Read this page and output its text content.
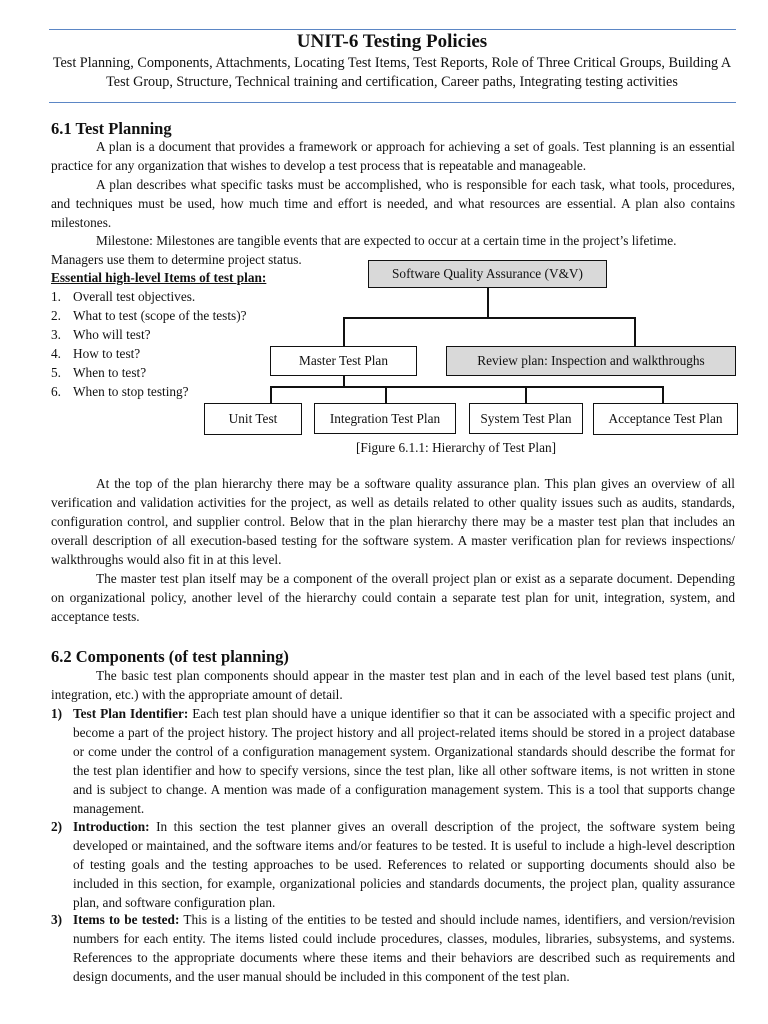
UNIT-6 Testing Policies
Test Planning, Components, Attachments, Locating Test Items, Test Reports, Role of Three Critical Groups, Building A Test Group, Structure, Technical training and certification, Career paths, Integrating testing activities
6.1 Test Planning

A plan is a document that provides a framework or approach for achieving a set of goals. Test planning is an essential practice for any organization that wishes to develop a test process that is repeatable and manageable.

A plan describes what specific tasks must be accomplished, who is responsible for each task, what tools, procedures, and techniques must be used, how much time and effort is needed, and what resources are essential. A plan also contains milestones.

Milestone: Milestones are tangible events that are expected to occur at a certain time in the project’s lifetime.

Managers use them to determine project status.

Essential high-level Items of test plan:
1. Overall test objectives.
2. What to test (scope of the tests)?
3. Who will test?
4. How to test?
5. When to test?
6. When to stop testing?
Software Quality Assurance (V&V)
Master Test Plan	Review plan: Inspection and walkthroughs
Unit Test	Integration Test Plan	System Test Plan	Acceptance Test Plan
[Figure 6.1.1: Hierarchy of Test Plan]

At the top of the plan hierarchy there may be a software quality assurance plan. This plan gives an overview of all verification and validation activities for the project, as well as details related to other quality issues such as audits, standards, configuration control, and supplier control. Below that in the plan hierarchy there may be a master test plan that includes an overall description of all execution-based testing for the software system. A master verification plan for reviews inspections/ walkthroughs would also fit in at this level.

The master test plan itself may be a component of the overall project plan or exist as a separate document. Depending on organizational policy, another level of the hierarchy could contain a separate test plan for unit, integration, system, and acceptance tests.

6.2 Components (of test planning)

The basic test plan components should appear in the master test plan and in each of the level based test plans (unit, integration, etc.) with the appropriate amount of detail.

1) Test Plan Identifier: Each test plan should have a unique identifier so that it can be associated with a specific project and become a part of the project history. The project history and all project-related items should be stored in a project database or come under the control of a configuration management system. Organizational standards should describe the format for the test plan identifier and how to specify versions, since the test plan, like all other software items, is not written in stone and is subject to change. A mention was made of a configuration management system. This is a tool that supports change management.
2) Introduction: In this section the test planner gives an overall description of the project, the software system being developed or maintained, and the software items and/or features to be tested. It is useful to include a high-level description of testing goals and the testing approaches to be used. References to related or supporting documents should also be included in this section, for example, organizational policies and standards documents, the project plan, quality assurance plan, and software configuration plan.
3) Items to be tested: This is a listing of the entities to be tested and should include names, identifiers, and version/revision numbers for each entity. The items listed could include procedures, classes, modules, libraries, subsystems, and systems. References to the appropriate documents where these items and their behaviors are described such as requirements and design documents, and the user manual should be included in this component of the test plan.
